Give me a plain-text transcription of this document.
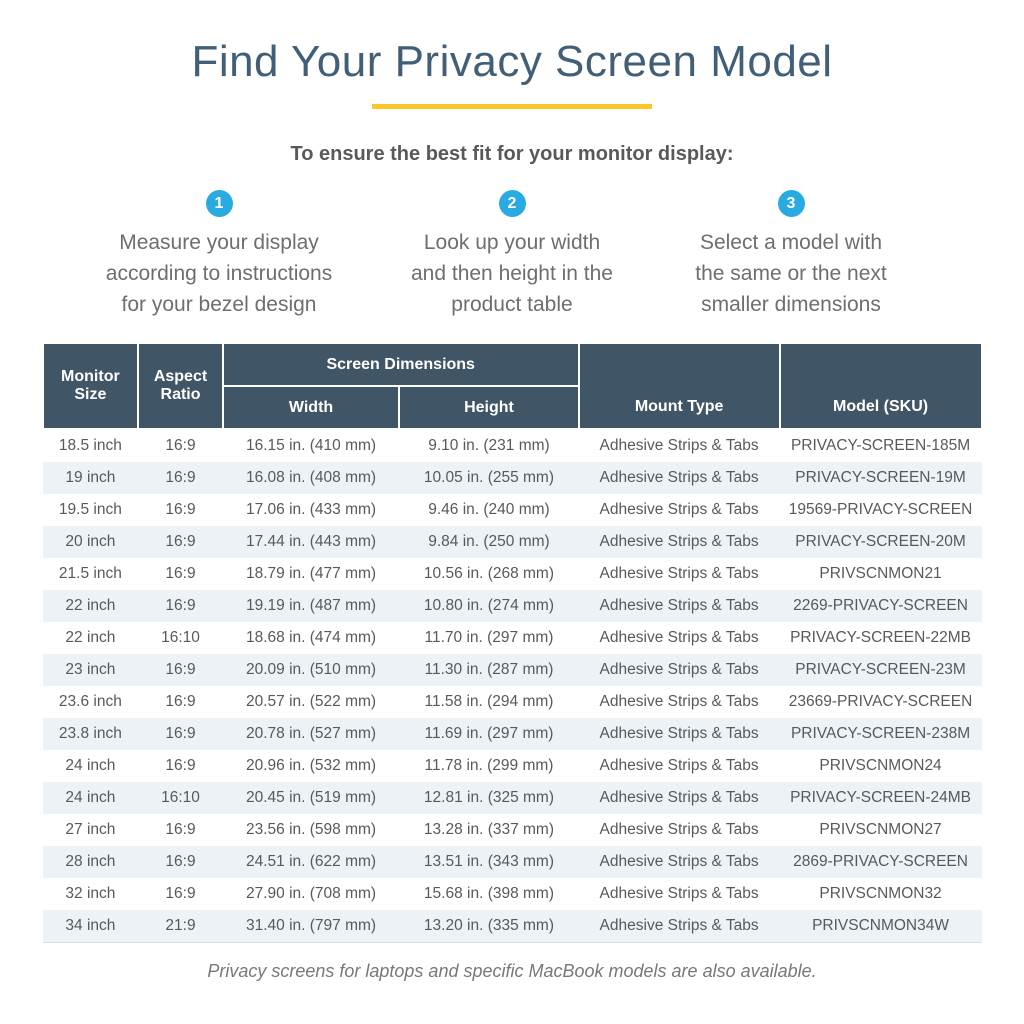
Find Your Privacy Screen Model

To ensure the best fit for your monitor display:

1
Measure your display
according to instructions
for your bezel design
2
Look up your width
and then height in the
product table
3
Select a model with
the same or the next
smaller dimensions
Monitor Size	Aspect Ratio	Screen Dimensions		Mount Type	Model (SKU)
		Width	Height		
18.5 inch	16:9	16.15 in. (410 mm)	9.10 in. (231 mm)	Adhesive Strips & Tabs	PRIVACY-SCREEN-185M
19 inch	16:9	16.08 in. (408 mm)	10.05 in. (255 mm)	Adhesive Strips & Tabs	PRIVACY-SCREEN-19M
19.5 inch	16:9	17.06 in. (433 mm)	9.46 in. (240 mm)	Adhesive Strips & Tabs	19569-PRIVACY-SCREEN
20 inch	16:9	17.44 in. (443 mm)	9.84 in. (250 mm)	Adhesive Strips & Tabs	PRIVACY-SCREEN-20M
21.5 inch	16:9	18.79 in. (477 mm)	10.56 in. (268 mm)	Adhesive Strips & Tabs	PRIVSCNMON21
22 inch	16:9	19.19 in. (487 mm)	10.80 in. (274 mm)	Adhesive Strips & Tabs	2269-PRIVACY-SCREEN
22 inch	16:10	18.68 in. (474 mm)	11.70 in. (297 mm)	Adhesive Strips & Tabs	PRIVACY-SCREEN-22MB
23 inch	16:9	20.09 in. (510 mm)	11.30 in. (287 mm)	Adhesive Strips & Tabs	PRIVACY-SCREEN-23M
23.6 inch	16:9	20.57 in. (522 mm)	11.58 in. (294 mm)	Adhesive Strips & Tabs	23669-PRIVACY-SCREEN
23.8 inch	16:9	20.78 in. (527 mm)	11.69 in. (297 mm)	Adhesive Strips & Tabs	PRIVACY-SCREEN-238M
24 inch	16:9	20.96 in. (532 mm)	11.78 in. (299 mm)	Adhesive Strips & Tabs	PRIVSCNMON24
24 inch	16:10	20.45 in. (519 mm)	12.81 in. (325 mm)	Adhesive Strips & Tabs	PRIVACY-SCREEN-24MB
27 inch	16:9	23.56 in. (598 mm)	13.28 in. (337 mm)	Adhesive Strips & Tabs	PRIVSCNMON27
28 inch	16:9	24.51 in. (622 mm)	13.51 in. (343 mm)	Adhesive Strips & Tabs	2869-PRIVACY-SCREEN
32 inch	16:9	27.90 in. (708 mm)	15.68 in. (398 mm)	Adhesive Strips & Tabs	PRIVSCNMON32
34 inch	21:9	31.40 in. (797 mm)	13.20 in. (335 mm)	Adhesive Strips & Tabs	PRIVSCNMON34W

Privacy screens for laptops and specific MacBook models are also available.
